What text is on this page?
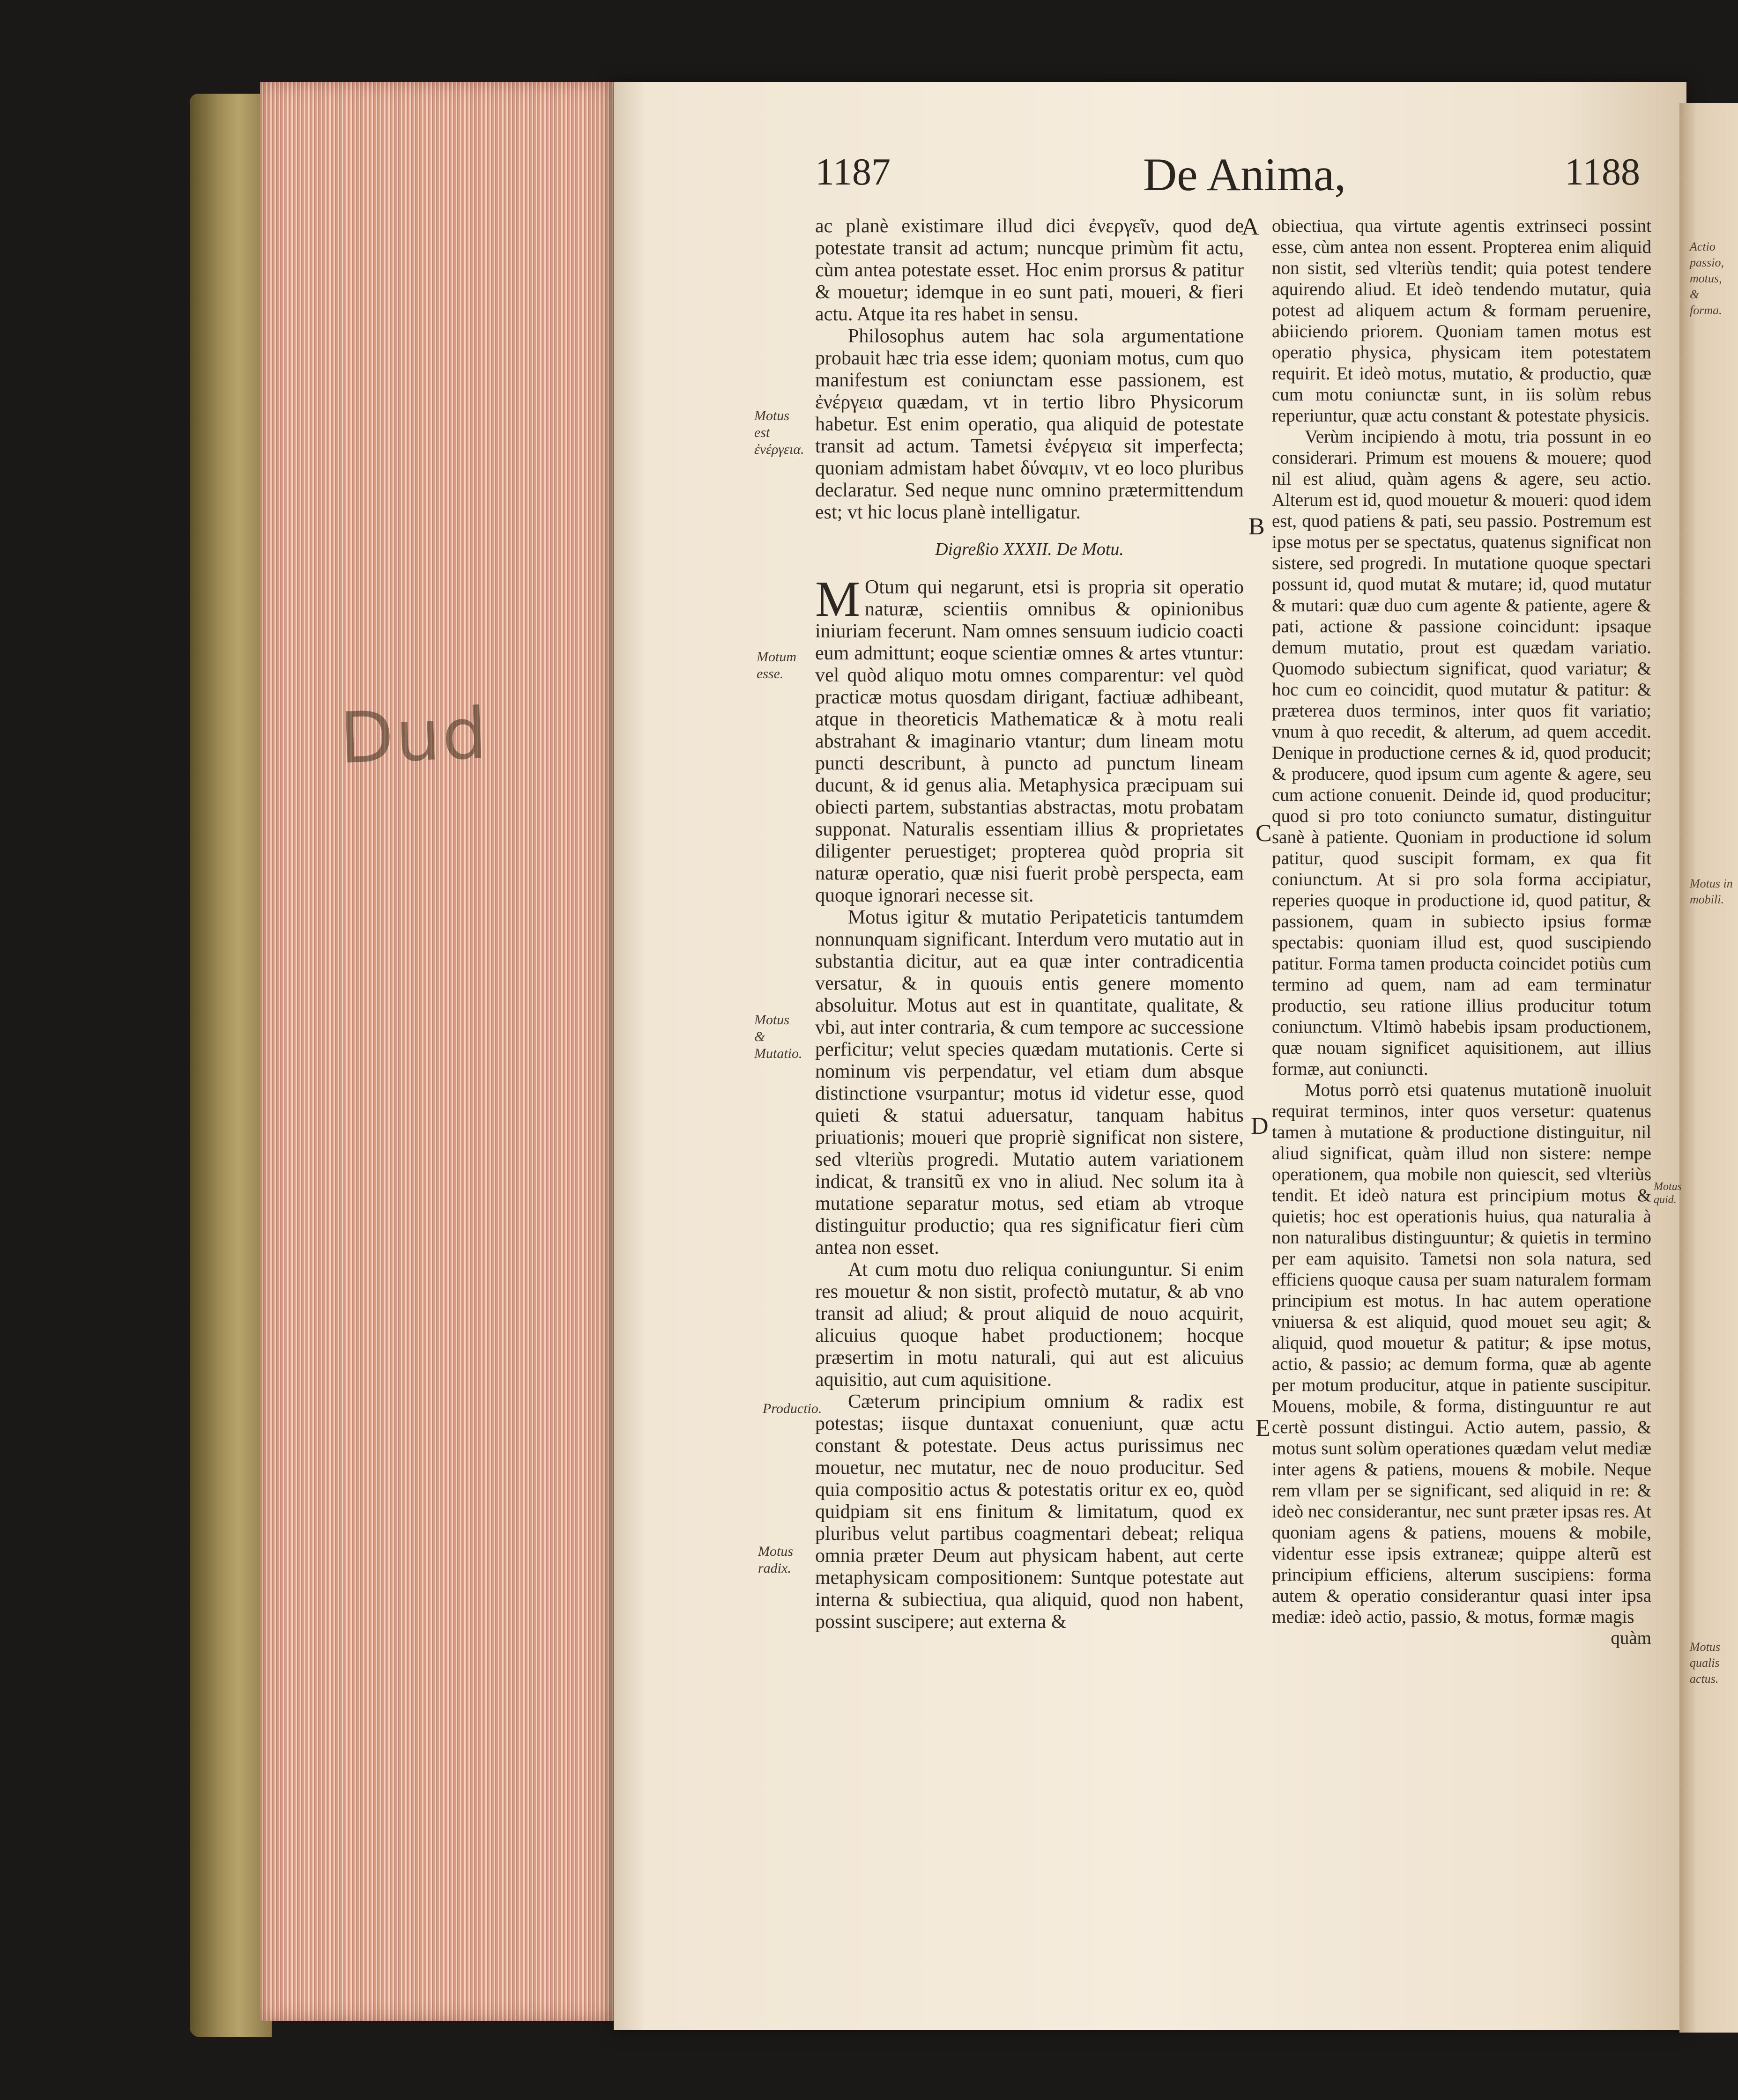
Dud
Actio passio, motus, & forma.
Motus in mobili.
Motus qualis actus.
1187	De Anima,	1188
Motus est ἐνέργεια.
Motum esse.
Motus & Mutatio.
Productio.
Motus radix.
A
B
C
D
E
Motus quid.

ac planè existimare illud dici ἐνεργεῖν, quod de potestate transit ad actum; nuncque primùm fit actu, cùm antea potestate esset. Hoc enim prorsus & patitur & mouetur; idemque in eo sunt pati, moueri, & fieri actu. Atque ita res habet in sensu.

Philosophus autem hac sola argumentatione probauit hæc tria esse idem; quoniam motus, cum quo manifestum est coniunctam esse passionem, est ἐνέργεια quædam, vt in tertio libro Physicorum habetur. Est enim operatio, qua aliquid de potestate transit ad actum. Tametsi ἐνέργεια sit imperfecta; quoniam admistam habet δύναμιν, vt eo loco pluribus declaratur. Sed neque nunc omnino prætermittendum est; vt hic locus planè intelligatur.

Digreßio XXXII. De Motu.

M Otum qui negarunt, etsi is propria sit operatio naturæ, scientiis omnibus & opinionibus iniuriam fecerunt. Nam omnes sensuum iudicio coacti eum admittunt; eoque scientiæ omnes & artes vtuntur: vel quòd aliquo motu omnes comparentur: vel quòd practicæ motus quosdam dirigant, factiuæ adhibeant, atque in theoreticis Mathematicæ & à motu reali abstrahant & imaginario vtantur; dum lineam motu puncti describunt, à puncto ad punctum lineam ducunt, & id genus alia. Metaphysica præcipuam sui obiecti partem, substantias abstractas, motu probatam supponat. Naturalis essentiam illius & proprietates diligenter peruestiget; propterea quòd propria sit naturæ operatio, quæ nisi fuerit probè perspecta, eam quoque ignorari necesse sit.

Motus igitur & mutatio Peripateticis tantumdem nonnunquam significant. Interdum vero mutatio aut in substantia dicitur, aut ea quæ inter contradicentia versatur, & in quouis entis genere momento absoluitur. Motus aut est in quantitate, qualitate, & vbi, aut inter contraria, & cum tempore ac successione perficitur; velut species quædam mutationis. Certe si nominum vis perpendatur, vel etiam dum absque distinctione vsurpantur; motus id videtur esse, quod quieti & statui aduersatur, tanquam habitus priuationis; moueri que propriè significat non sistere, sed vlteriùs progredi. Mutatio autem variationem indicat, & transitũ ex vno in aliud. Nec solum ita à mutatione separatur motus, sed etiam ab vtroque distinguitur productio; qua res significatur fieri cùm antea non esset.

At cum motu duo reliqua coniunguntur. Si enim res mouetur & non sistit, profectò mutatur, & ab vno transit ad aliud; & prout aliquid de nouo acquirit, alicuius quoque habet productionem; hocque præsertim in motu naturali, qui aut est alicuius aquisitio, aut cum aquisitione.

Cæterum principium omnium & radix est potestas; iisque duntaxat conueniunt, quæ actu constant & potestate. Deus actus purissimus nec mouetur, nec mutatur, nec de nouo producitur. Sed quia compositio actus & potestatis oritur ex eo, quòd quidpiam sit ens finitum & limitatum, quod ex pluribus velut partibus coagmentari debeat; reliqua omnia præter Deum aut physicam habent, aut certe metaphysicam compositionem: Suntque potestate aut interna & subiectiua, qua aliquid, quod non habent, possint suscipere; aut externa &

obiectiua, qua virtute agentis extrinseci possint esse, cùm antea non essent. Propterea enim aliquid non sistit, sed vlteriùs tendit; quia potest tendere aquirendo aliud. Et ideò tendendo mutatur, quia potest ad aliquem actum & formam peruenire, abiiciendo priorem. Quoniam tamen motus est operatio physica, physicam item potestatem requirit. Et ideò motus, mutatio, & productio, quæ cum motu coniunctæ sunt, in iis solùm rebus reperiuntur, quæ actu constant & potestate physicis.

Verùm incipiendo à motu, tria possunt in eo considerari. Primum est mouens & mouere; quod nil est aliud, quàm agens & agere, seu actio. Alterum est id, quod mouetur & moueri: quod idem est, quod patiens & pati, seu passio. Postremum est ipse motus per se spectatus, quatenus significat non sistere, sed progredi. In mutatione quoque spectari possunt id, quod mutat & mutare; id, quod mutatur & mutari: quæ duo cum agente & patiente, agere & pati, actione & passione coincidunt: ipsaque demum mutatio, prout est quædam variatio. Quomodo subiectum significat, quod variatur; & hoc cum eo coincidit, quod mutatur & patitur: & præterea duos terminos, inter quos fit variatio; vnum à quo recedit, & alterum, ad quem accedit. Denique in productione cernes & id, quod producit; & producere, quod ipsum cum agente & agere, seu cum actione conuenit. Deinde id, quod producitur; quod si pro toto coniuncto sumatur, distinguitur sanè à patiente. Quoniam in productione id solum patitur, quod suscipit formam, ex qua fit coniunctum. At si pro sola forma accipiatur, reperies quoque in productione id, quod patitur, & passionem, quam in subiecto ipsius formæ spectabis: quoniam illud est, quod suscipiendo patitur. Forma tamen producta coincidet potiùs cum termino ad quem, nam ad eam terminatur productio, seu ratione illius producitur totum coniunctum. Vltimò habebis ipsam productionem, quæ nouam significet aquisitionem, aut illius formæ, aut coniuncti.

Motus porrò etsi quatenus mutationẽ inuoluit requirat terminos, inter quos versetur: quatenus tamen à mutatione & productione distinguitur, nil aliud significat, quàm illud non sistere: nempe operationem, qua mobile non quiescit, sed vlteriùs tendit. Et ideò natura est principium motus & quietis; hoc est operationis huius, qua naturalia à non naturalibus distinguuntur; & quietis in termino per eam aquisito. Tametsi non sola natura, sed efficiens quoque causa per suam naturalem formam principium est motus. In hac autem operatione vniuersa & est aliquid, quod mouet seu agit; & aliquid, quod mouetur & patitur; & ipse motus, actio, & passio; ac demum forma, quæ ab agente per motum producitur, atque in patiente suscipitur. Mouens, mobile, & forma, distinguuntur re aut certè possunt distingui. Actio autem, passio, & motus sunt solùm operationes quædam velut mediæ inter agens & patiens, mouens & mobile. Neque rem vllam per se significant, sed aliquid in re: & ideò nec considerantur, nec sunt præter ipsas res. At quoniam agens & patiens, mouens & mobile, videntur esse ipsis extraneæ; quippe alterũ est principium efficiens, alterum suscipiens: forma autem & operatio considerantur quasi inter ipsa mediæ: ideò actio, passio, & motus, formæ magis

quàm
